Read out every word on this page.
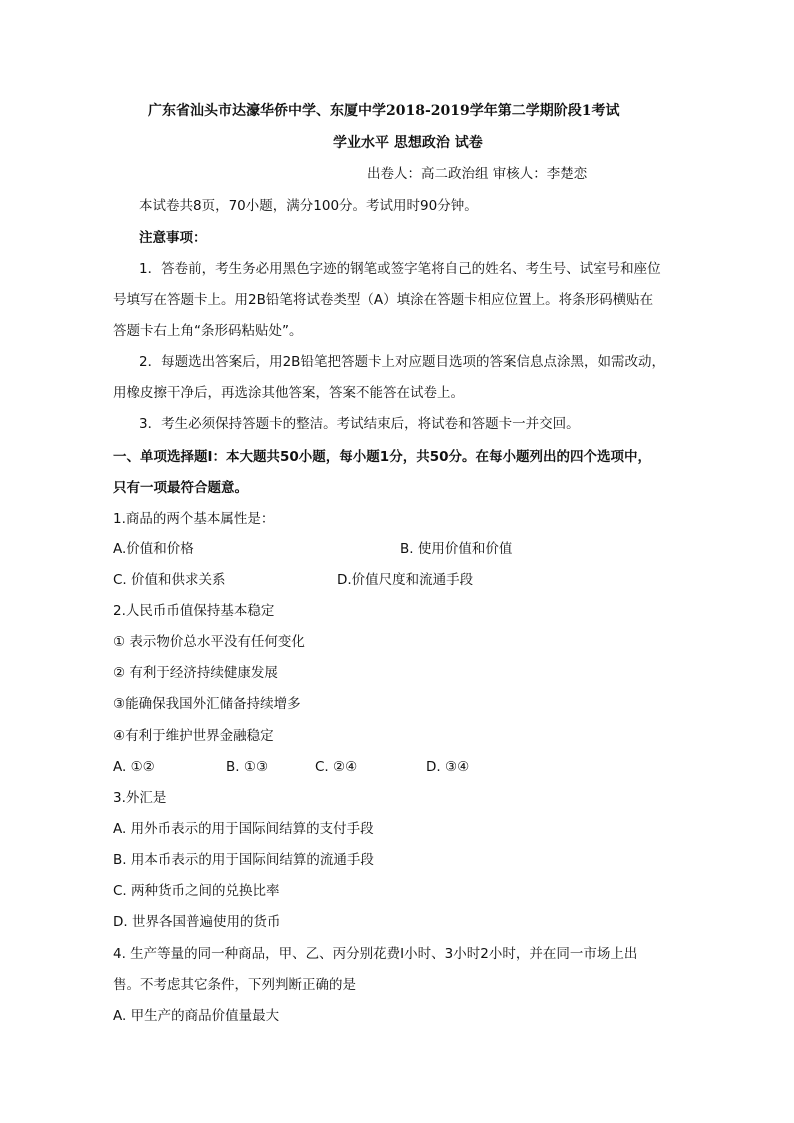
广东省汕头市达濠华侨中学、东厦中学2018-2019学年第二学期阶段1考试
学业水平 思想政治 试卷
出卷人：高二政治组 审核人：李楚恋
本试卷共8页，70小题，满分100分。考试用时90分钟。
注意事项：
1．答卷前，考生务必用黑色字迹的钢笔或签字笔将自己的姓名、考生号、试室号和座位
号填写在答题卡上。用2B铅笔将试卷类型（A）填涂在答题卡相应位置上。将条形码横贴在
答题卡右上角“条形码粘贴处”。
2．每题选出答案后，用2B铅笔把答题卡上对应题目选项的答案信息点涂黑，如需改动，
用橡皮擦干净后，再选涂其他答案，答案不能答在试卷上。
3．考生必须保持答题卡的整洁。考试结束后，将试卷和答题卡一并交回。
一、单项选择题Ⅰ：本大题共50小题，每小题1分，共50分。在每小题列出的四个选项中，
只有一项最符合题意。
1.商品的两个基本属性是：
A.价值和价格	B. 使用价值和价值
C. 价值和供求关系	D.价值尺度和流通手段
2.人民币币值保持基本稳定
① 表示物价总水平没有任何变化
② 有利于经济持续健康发展
③能确保我国外汇储备持续增多
④有利于维护世界金融稳定
A. ①②	B. ①③	C. ②④	D. ③④
3.外汇是
A. 用外币表示的用于国际间结算的支付手段
B. 用本币表示的用于国际间结算的流通手段
C. 两种货币之间的兑换比率
D. 世界各国普遍使用的货币
4. 生产等量的同一种商品，甲、乙、丙分别花费I小时、3小时2小时，并在同一市场上出
售。不考虑其它条件，下列判断正确的是
A. 甲生产的商品价值量最大
